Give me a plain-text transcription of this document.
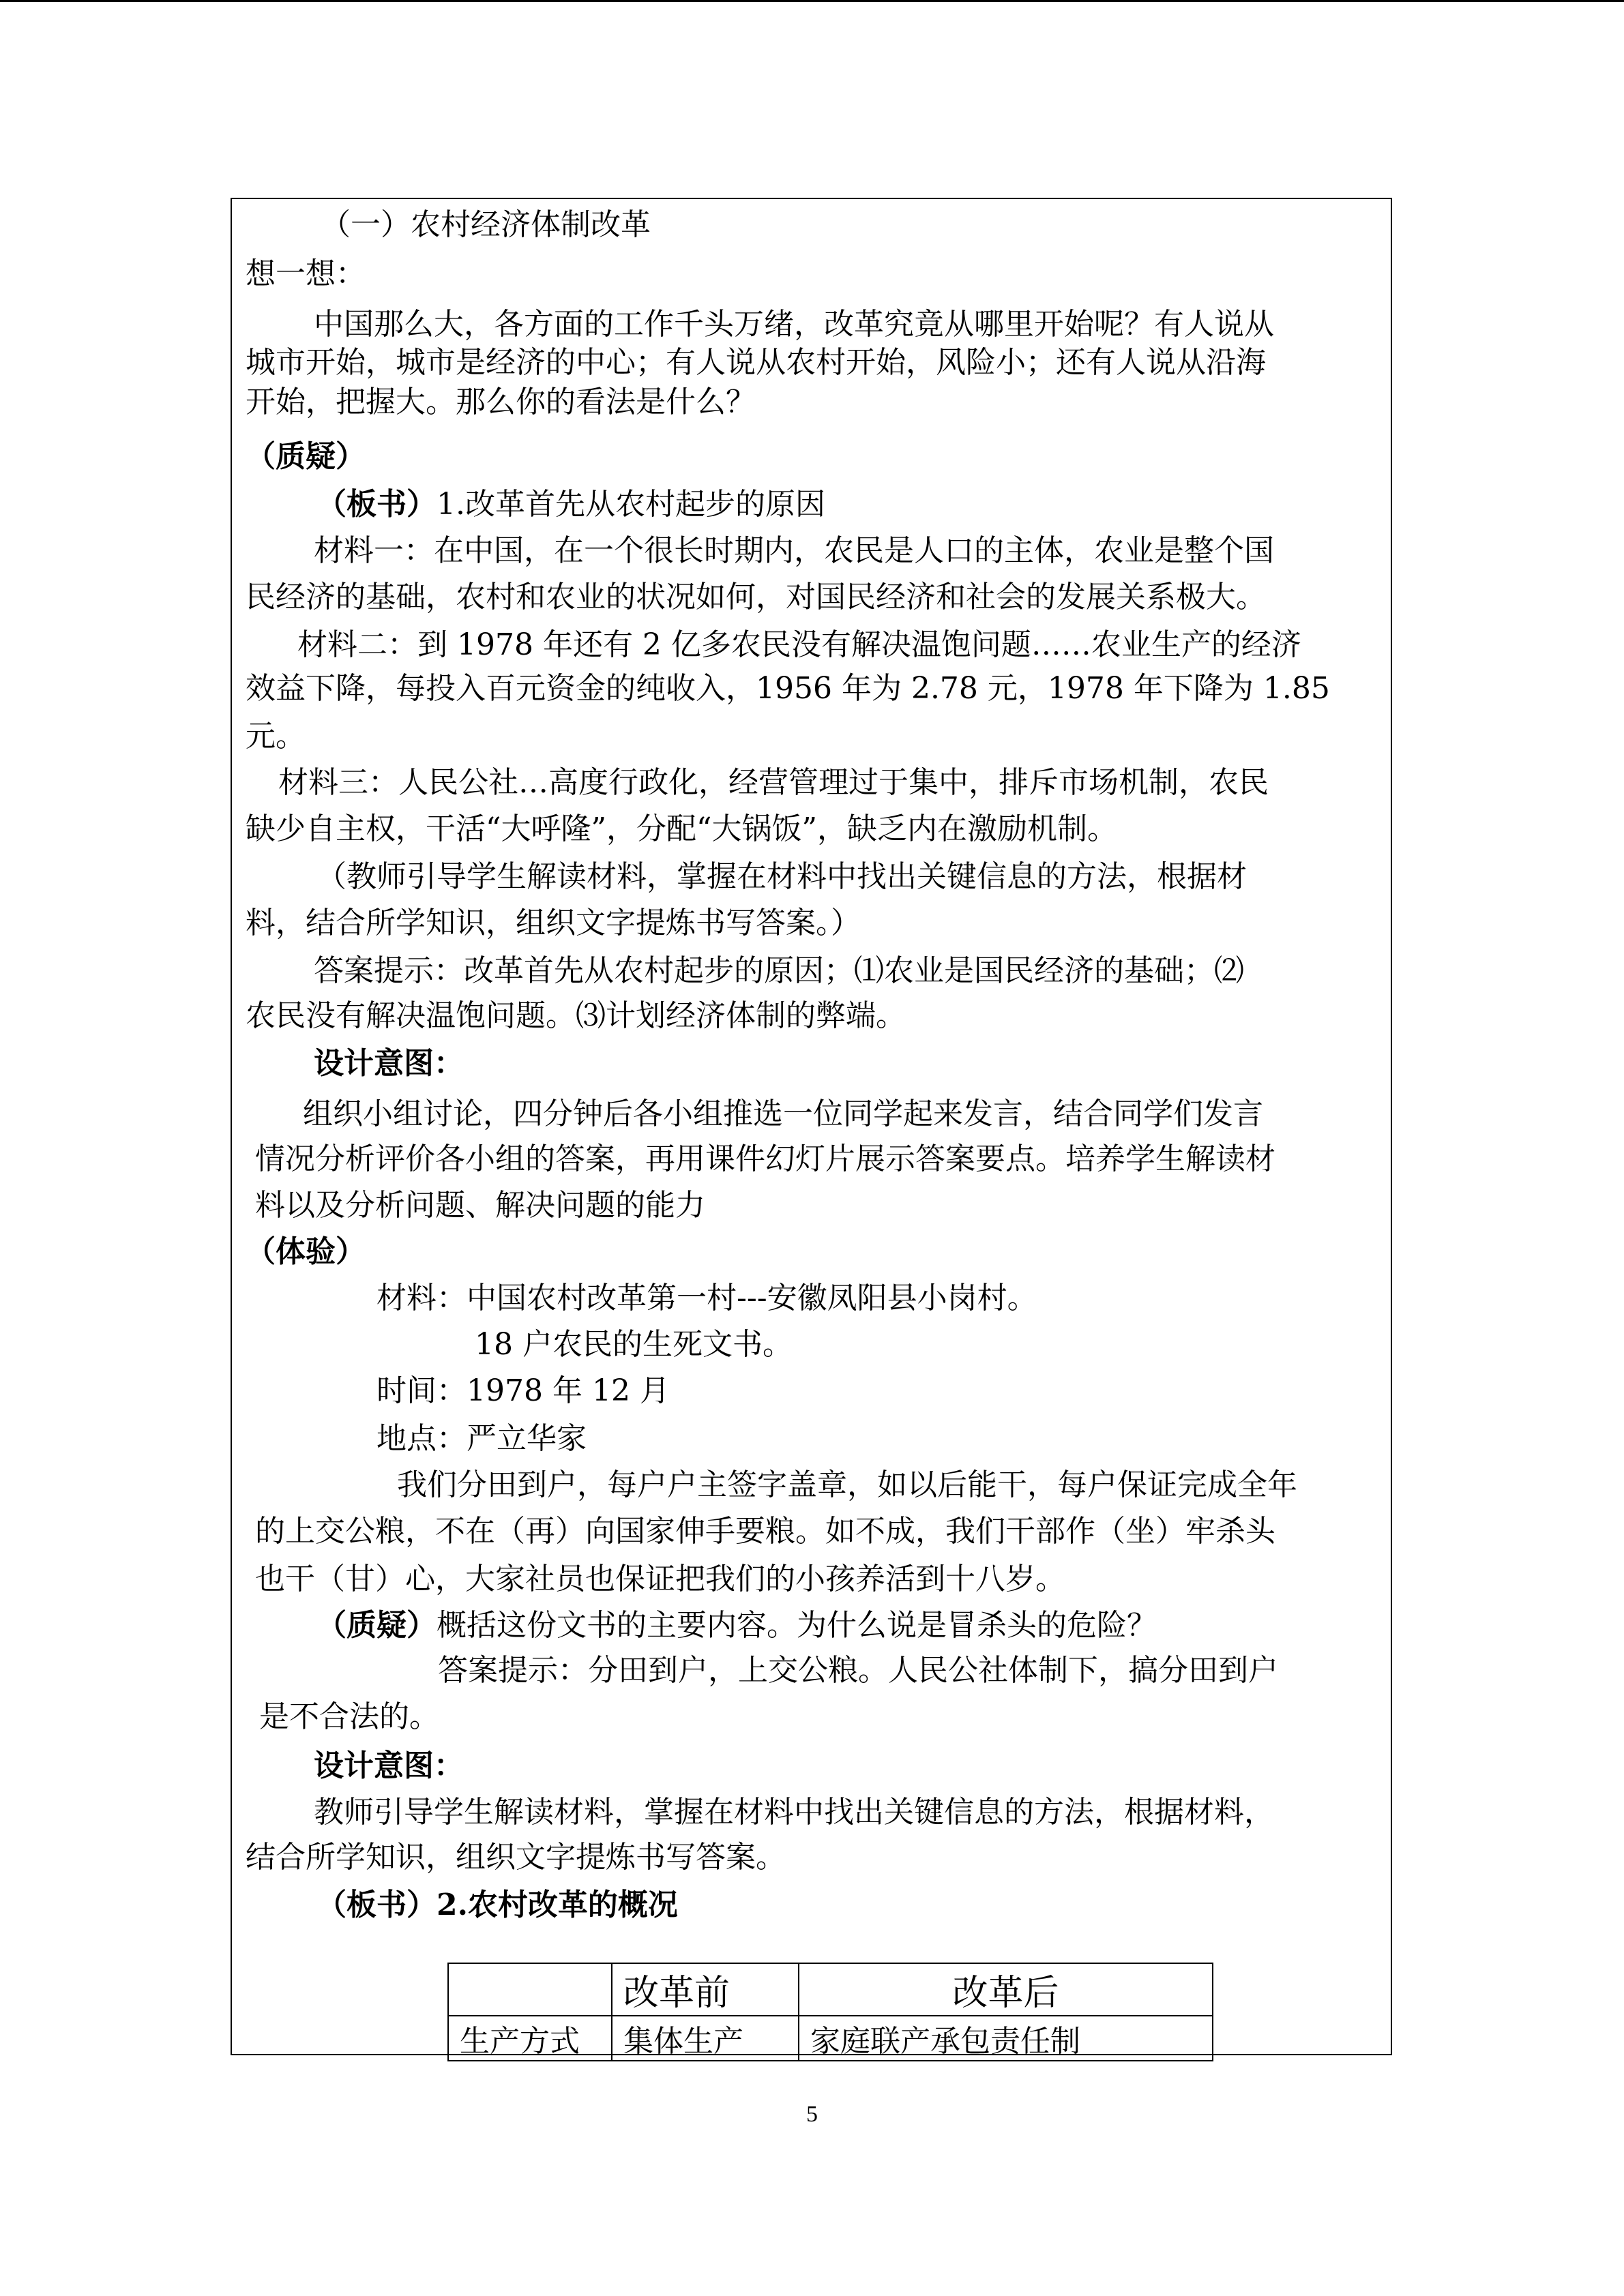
（一）农村经济体制改革
想一想：
中国那么大，各方面的工作千头万绪，改革究竟从哪里开始呢？有人说从
城市开始，城市是经济的中心；有人说从农村开始，风险小；还有人说从沿海
开始，把握大。那么你的看法是什么？
（质疑）
（板书）1.改革首先从农村起步的原因
材料一：在中国，在一个很长时期内，农民是人口的主体，农业是整个国
民经济的基础，农村和农业的状况如何，对国民经济和社会的发展关系极大。
材料二：到 1978 年还有 2 亿多农民没有解决温饱问题……农业生产的经济
效益下降，每投入百元资金的纯收入，1956 年为 2.78 元，1978 年下降为 1.85
元。
材料三：人民公社…高度行政化，经营管理过于集中，排斥市场机制，农民
缺少自主权，干活“大呼隆”，分配“大锅饭”，缺乏内在激励机制。
（教师引导学生解读材料，掌握在材料中找出关键信息的方法，根据材
料，结合所学知识，组织文字提炼书写答案。）
答案提示：改革首先从农村起步的原因；⑴农业是国民经济的基础；⑵
农民没有解决温饱问题。⑶计划经济体制的弊端。
设计意图：
组织小组讨论，四分钟后各小组推选一位同学起来发言，结合同学们发言
情况分析评价各小组的答案，再用课件幻灯片展示答案要点。培养学生解读材
料以及分析问题、解决问题的能力
（体验）
材料：中国农村改革第一村---安徽凤阳县小岗村。
18 户农民的生死文书。
时间：1978 年 12 月
地点：严立华家
我们分田到户，每户户主签字盖章，如以后能干，每户保证完成全年
的上交公粮，不在（再）向国家伸手要粮。如不成，我们干部作（坐）牢杀头
也干（甘）心，大家社员也保证把我们的小孩养活到十八岁。
（质疑）概括这份文书的主要内容。为什么说是冒杀头的危险？
答案提示：分田到户，上交公粮。人民公社体制下，搞分田到户
是不合法的。
设计意图：
教师引导学生解读材料，掌握在材料中找出关键信息的方法，根据材料，
结合所学知识，组织文字提炼书写答案。
（板书）2.农村改革的概况
	改革前	改革后
生产方式	集体生产	家庭联产承包责任制
5
